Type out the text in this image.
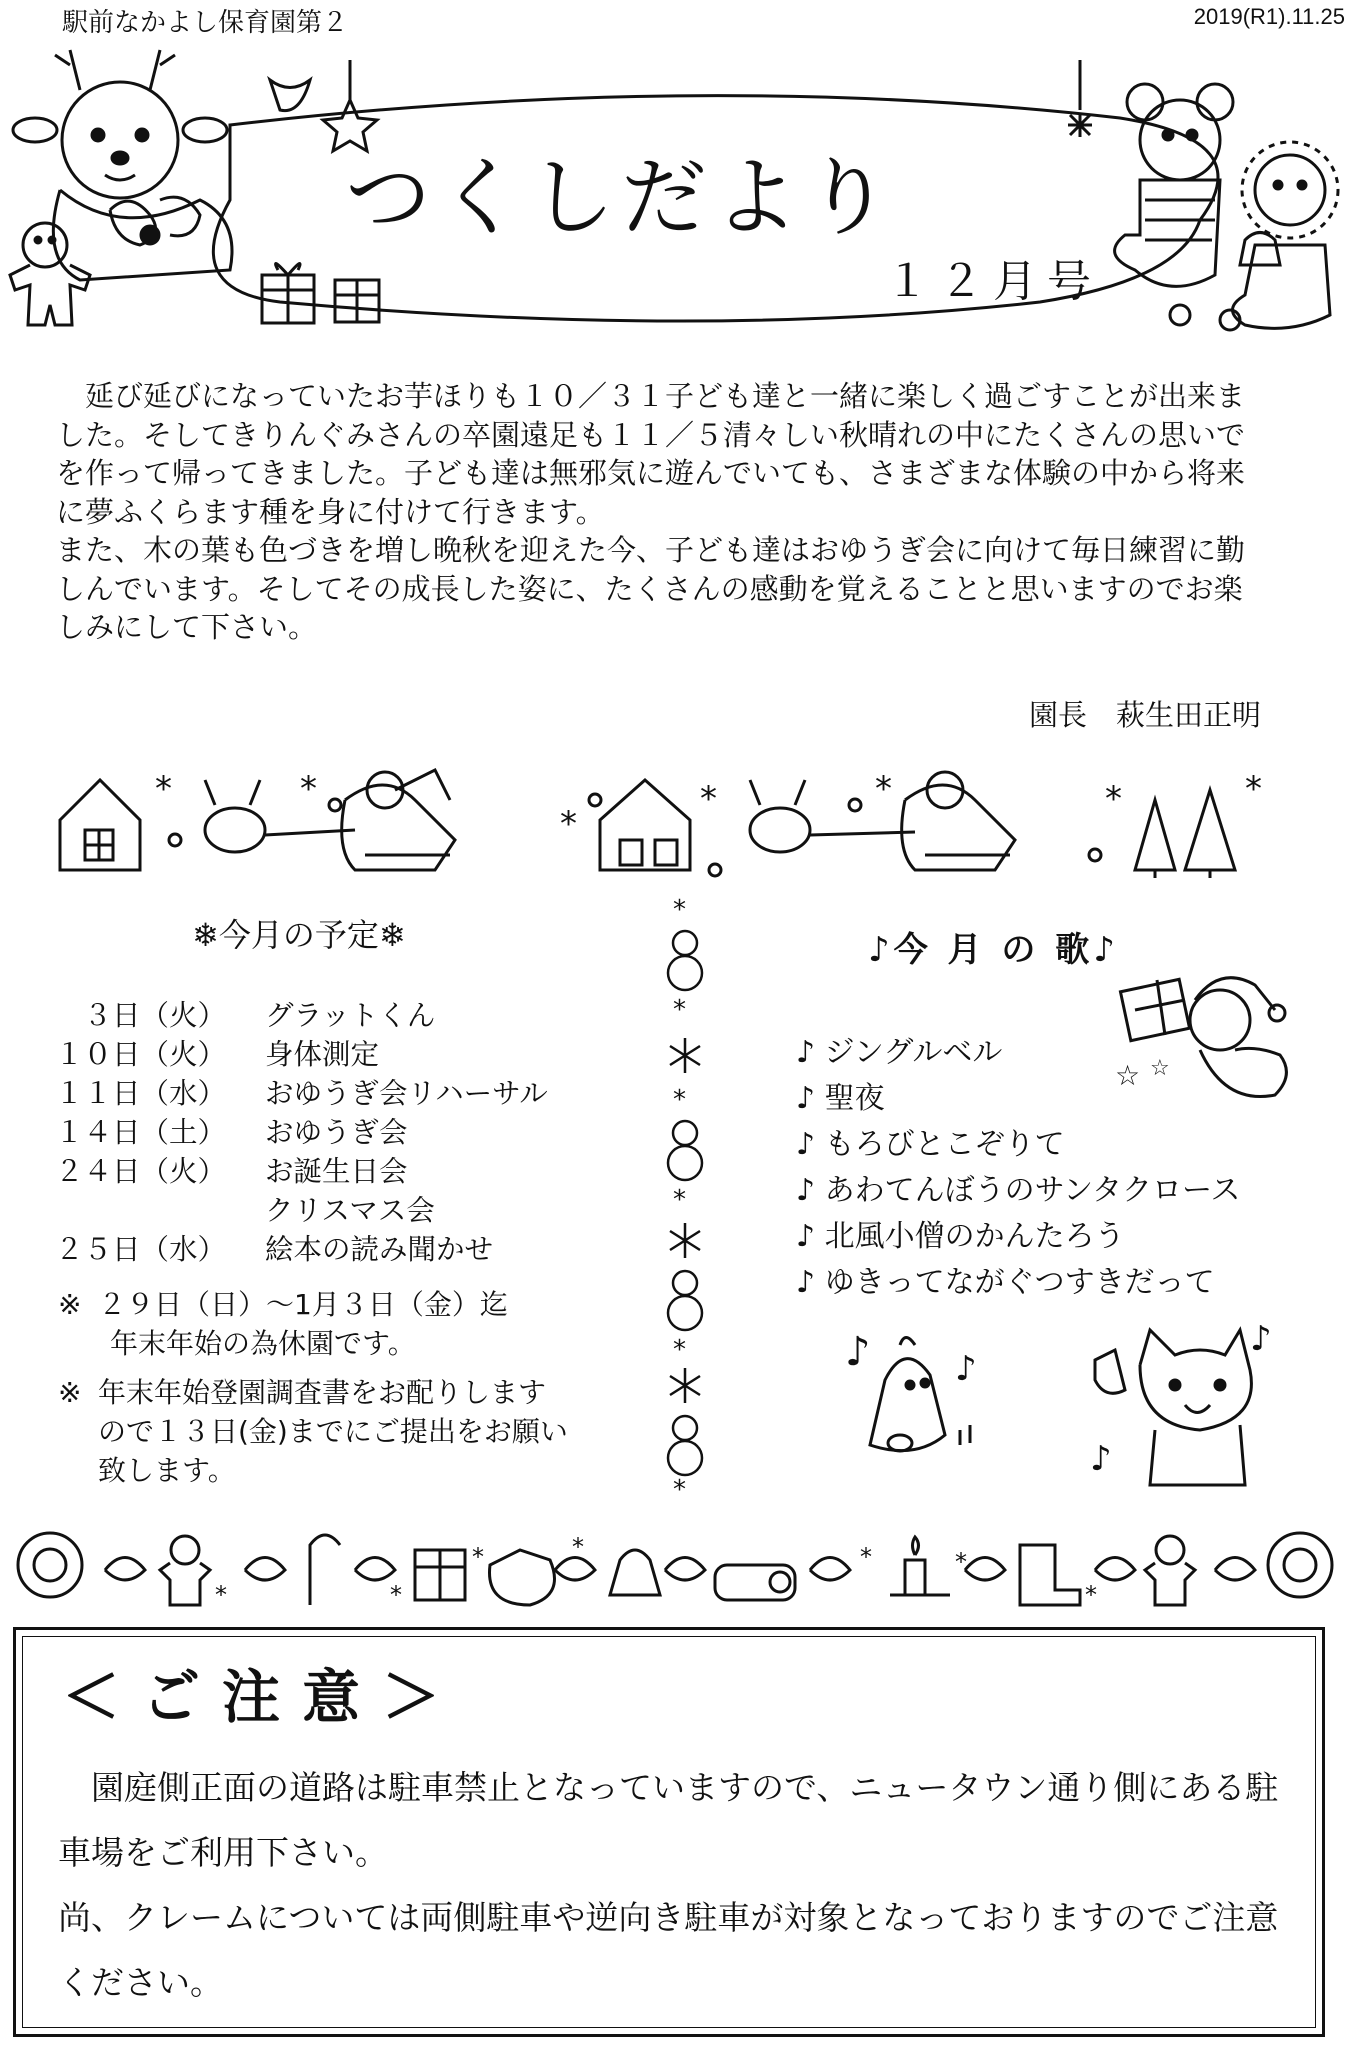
駅前なかよし保育園第２	2019(R1).11.25
つくしだより
１２月号

　延び延びになっていたお芋ほりも１０／３１子ども達と一緒に楽しく過ごすことが出来ました。そしてきりんぐみさんの卒園遠足も１１／５清々しい秋晴れの中にたくさんの思いでを作って帰ってきました。子ども達は無邪気に遊んでいても、さまざまな体験の中から将来に夢ふくらます種を身に付けて行きます。

また、木の葉も色づきを増し晩秋を迎えた今、子ども達はおゆうぎ会に向けて毎日練習に勤しんでいます。そしてその成長した姿に、たくさんの感動を覚えることと思いますのでお楽しみにして下さい。

園長　萩生田正明
*	*
*
*	*	*	*
❄今月の予定❄
　３日（火）	グラットくん
１０日（火）	身体測定
１１日（水）	おゆうぎ会リハーサル
１４日（土）	おゆうぎ会
２４日（火）	お誕生日会
クリスマス会
２５日（水）	絵本の読み聞かせ
※ ２９日（日）～1月３日（金）迄
年末年始の為休園です。
※ 年末年始登園調査書をお配りします
ので１３日(金)までにご提出をお願い
致します。
*
*
*
*
*
*
♪今 月 の 歌♪
♪ ジングルベル
♪ 聖夜
♪ もろびとこぞりて
♪ あわてんぼうのサンタクロース
♪ 北風小僧のかんたろう
♪ ゆきってながぐつすきだって
☆ ☆
♪ ♪
♪
♪
*	*
*	*	*	*
*
＜ご注意＞

　園庭側正面の道路は駐車禁止となっていますので、ニュータウン通り側にある駐車場をご利用下さい。

尚、クレームについては両側駐車や逆向き駐車が対象となっておりますのでご注意ください。
